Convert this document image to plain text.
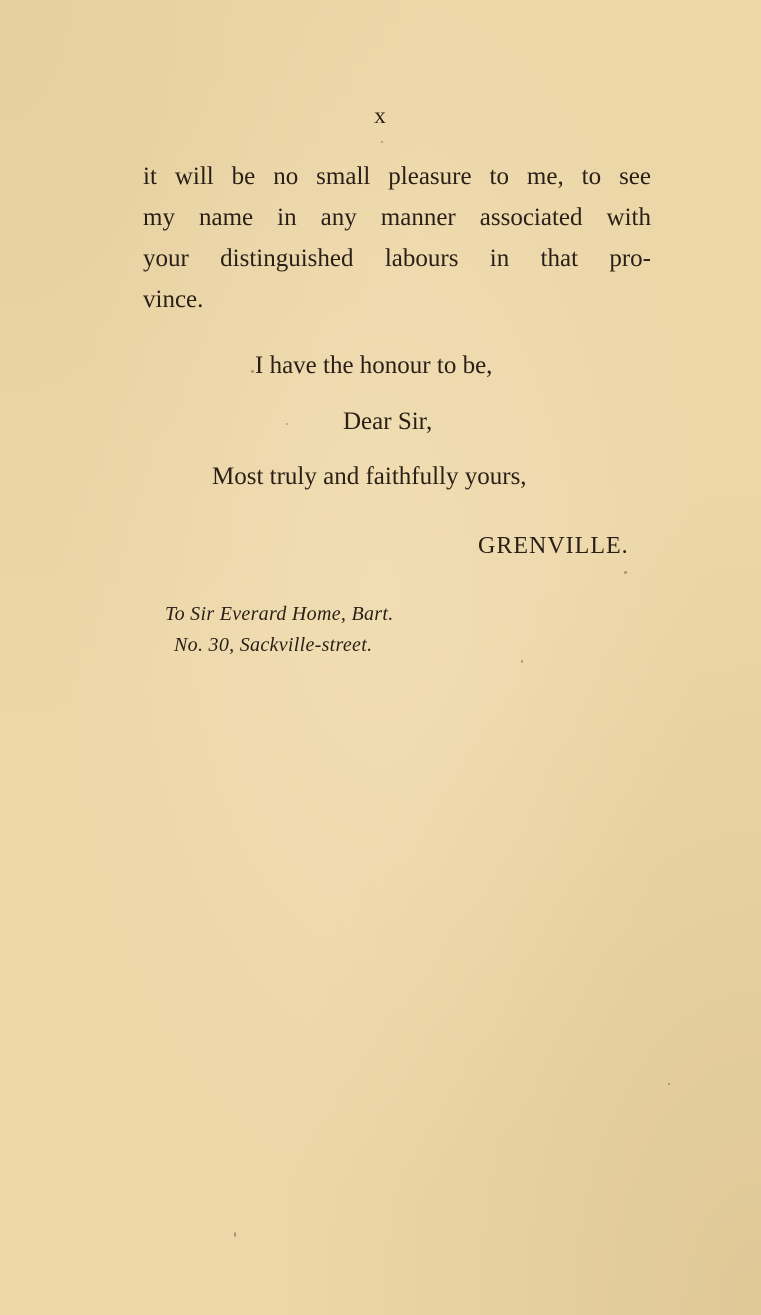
x

it will be no small pleasure to me, to see
my name in any manner associated with
your distinguished labours in that pro-
vince.

I have the honour to be,
Dear Sir,
Most truly and faithfully yours,
GRENVILLE.
To Sir Everard Home, Bart.
No. 30, Sackville-street.
